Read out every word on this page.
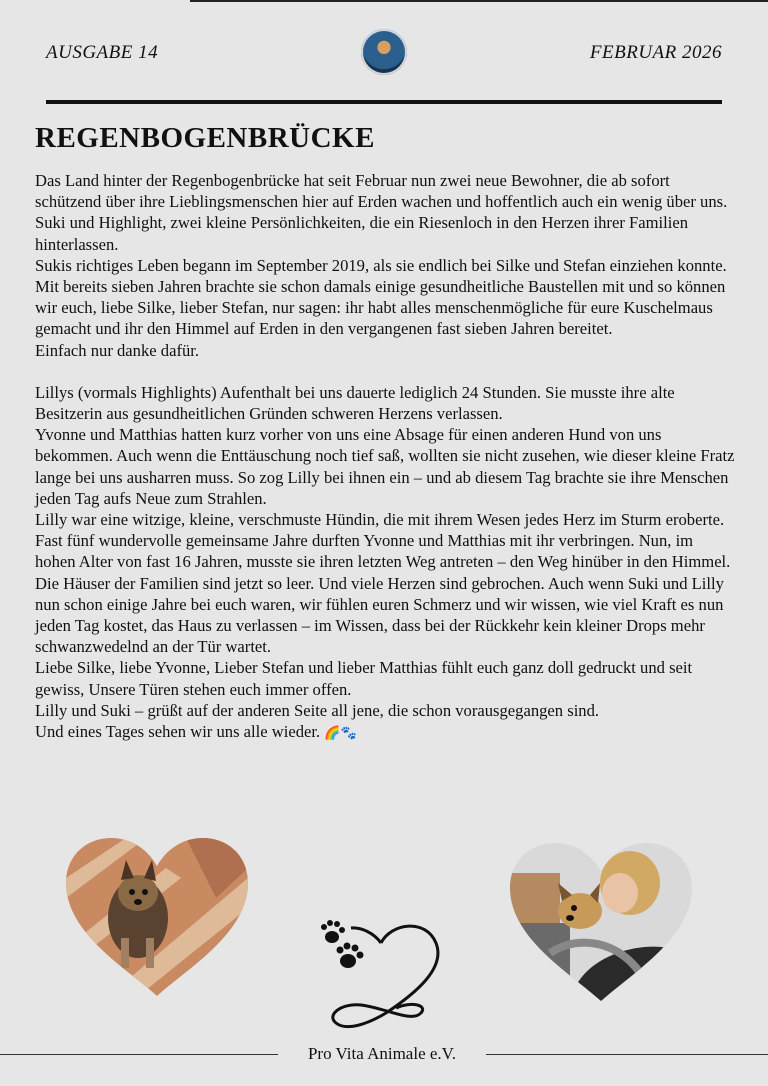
AUSGABE 14	FEBRUAR 2026
REGENBOGENBRÜCKE

Das Land hinter der Regenbogenbrücke hat seit Februar nun zwei neue Bewohner, die ab sofort schützend über ihre Lieblingsmenschen hier auf Erden wachen und hoffentlich auch ein wenig über uns.

Suki und Highlight, zwei kleine Persönlichkeiten, die ein Riesenloch in den Herzen ihrer Familien hinterlassen.

Sukis richtiges Leben begann im September 2019, als sie endlich bei Silke und Stefan einziehen konnte. Mit bereits sieben Jahren brachte sie schon damals einige gesundheitliche Baustellen mit und so können wir euch, liebe Silke, lieber Stefan, nur sagen: ihr habt alles menschenmögliche für eure Kuschelmaus gemacht und ihr den Himmel auf Erden in den vergangenen fast sieben Jahren bereitet.

Einfach nur danke dafür.

Lillys (vormals Highlights) Aufenthalt bei uns dauerte lediglich 24 Stunden. Sie musste ihre alte Besitzerin aus gesundheitlichen Gründen schweren Herzens verlassen.

Yvonne und Matthias hatten kurz vorher von uns eine Absage für einen anderen Hund von uns bekommen. Auch wenn die Enttäuschung noch tief saß, wollten sie nicht zusehen, wie dieser kleine Fratz lange bei uns ausharren muss. So zog Lilly bei ihnen ein – und ab diesem Tag brachte sie ihre Menschen jeden Tag aufs Neue zum Strahlen.

Lilly war eine witzige, kleine, verschmuste Hündin, die mit ihrem Wesen jedes Herz im Sturm eroberte. Fast fünf wundervolle gemeinsame Jahre durften Yvonne und Matthias mit ihr verbringen. Nun, im hohen Alter von fast 16 Jahren, musste sie ihren letzten Weg antreten – den Weg hinüber in den Himmel.

Die Häuser der Familien sind jetzt so leer. Und viele Herzen sind gebrochen. Auch wenn Suki und Lilly nun schon einige Jahre bei euch waren, wir fühlen euren Schmerz und wir wissen, wie viel Kraft es nun jeden Tag kostet, das Haus zu verlassen – im Wissen, dass bei der Rückkehr kein kleiner Drops mehr schwanzwedelnd an der Tür wartet.

Liebe Silke, liebe Yvonne, Lieber Stefan und lieber Matthias fühlt euch ganz doll gedruckt und seit gewiss, Unsere Türen stehen euch immer offen.

Lilly und Suki – grüßt auf der anderen Seite all jene, die schon vorausgegangen sind.

Und eines Tages sehen wir uns alle wieder. 🌈🐾

Pro Vita Animale e.V.
